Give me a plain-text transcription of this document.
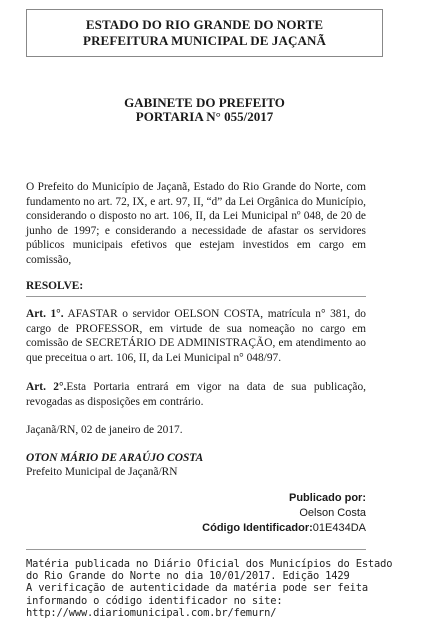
ESTADO DO RIO GRANDE DO NORTE
PREFEITURA MUNICIPAL DE JAÇANÃ
GABINETE DO PREFEITO
PORTARIA N° 055/2017
O Prefeito do Município de Jaçanã, Estado do Rio Grande do Norte, com fundamento no art. 72, IX, e art. 97, II, “d” da Lei Orgânica do Município, considerando o disposto no art. 106, II, da Lei Municipal nº 048, de 20 de junho de 1997; e considerando a necessidade de afastar os servidores públicos municipais efetivos que estejam investidos em cargo em comissão,
RESOLVE:
Art. 1°. AFASTAR o servidor OELSON COSTA, matrícula n° 381, do cargo de PROFESSOR, em virtude de sua nomeação no cargo em comissão de SECRETÁRIO DE ADMINISTRAÇÃO, em atendimento ao que preceitua o art. 106, II, da Lei Municipal n° 048/97.
Art. 2°.Esta Portaria entrará em vigor na data de sua publicação, revogadas as disposições em contrário.
Jaçanã/RN, 02 de janeiro de 2017.
OTON MÁRIO DE ARAÚJO COSTA
Prefeito Municipal de Jaçanã/RN
Publicado por:
Oelson Costa
Código Identificador:01E434DA
Matéria publicada no Diário Oficial dos Municípios do Estado
do Rio Grande do Norte no dia 10/01/2017. Edição 1429
A verificação de autenticidade da matéria pode ser feita
informando o código identificador no site:
http://www.diariomunicipal.com.br/femurn/
